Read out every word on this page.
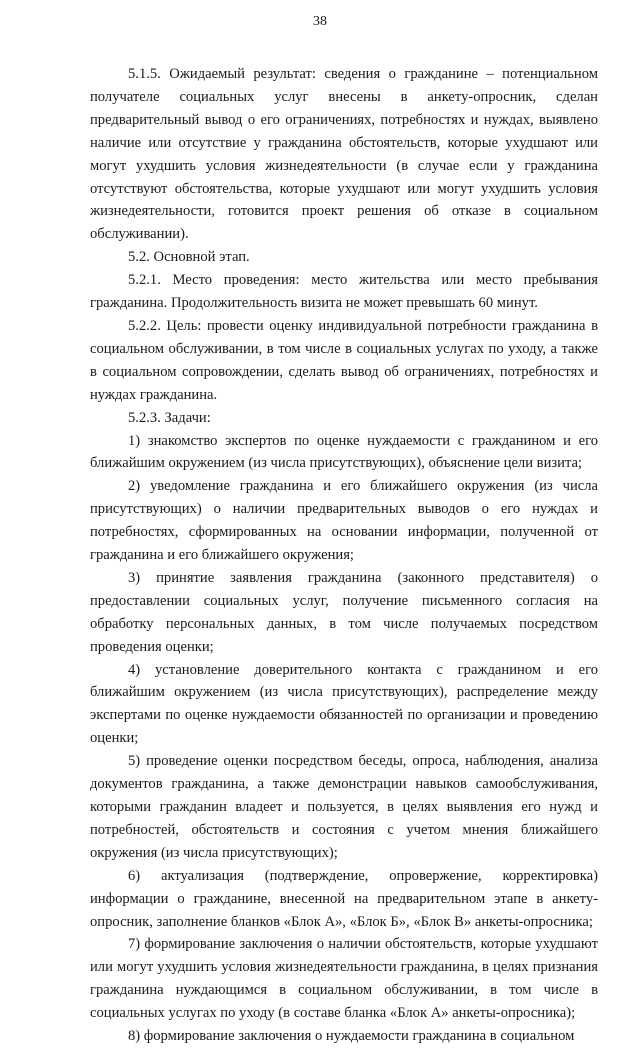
38

5.1.5. Ожидаемый результат: сведения о гражданине – потенциальном получателе социальных услуг внесены в анкету-опросник, сделан предварительный вывод о его ограничениях, потребностях и нуждах, выявлено наличие или отсутствие у гражданина обстоятельств, которые ухудшают или могут ухудшить условия жизнедеятельности (в случае если у гражданина отсутствуют обстоятельства, которые ухудшают или могут ухудшить условия жизнедеятельности, готовится проект решения об отказе в социальном обслуживании).

5.2. Основной этап.

5.2.1. Место проведения: место жительства или место пребывания гражданина. Продолжительность визита не может превышать 60 минут.

5.2.2. Цель: провести оценку индивидуальной потребности гражданина в социальном обслуживании, в том числе в социальных услугах по уходу, а также в социальном сопровождении, сделать вывод об ограничениях, потребностях и нуждах гражданина.

5.2.3. Задачи:

1) знакомство экспертов по оценке нуждаемости с гражданином и его ближайшим окружением (из числа присутствующих), объяснение цели визита;

2) уведомление гражданина и его ближайшего окружения (из числа присутствующих) о наличии предварительных выводов о его нуждах и потребностях, сформированных на основании информации, полученной от гражданина и его ближайшего окружения;

3) принятие заявления гражданина (законного представителя) о предоставлении социальных услуг, получение письменного согласия на обработку персональных данных, в том числе получаемых посредством проведения оценки;

4) установление доверительного контакта с гражданином и его ближайшим окружением (из числа присутствующих), распределение между экспертами по оценке нуждаемости обязанностей по организации и проведению оценки;

5) проведение оценки посредством беседы, опроса, наблюдения, анализа документов гражданина, а также демонстрации навыков самообслуживания, которыми гражданин владеет и пользуется, в целях выявления его нужд и потребностей, обстоятельств и состояния с учетом мнения ближайшего окружения (из числа присутствующих);

6) актуализация (подтверждение, опровержение, корректировка) информации о гражданине, внесенной на предварительном этапе в анкету-опросник, заполнение бланков «Блок А», «Блок Б», «Блок В» анкеты-опросника;

7) формирование заключения о наличии обстоятельств, которые ухудшают или могут ухудшить условия жизнедеятельности гражданина, в целях признания гражданина нуждающимся в социальном обслуживании, в том числе в социальных услугах по уходу (в составе бланка «Блок А» анкеты-опросника);

8) формирование заключения о нуждаемости гражданина в социальном
